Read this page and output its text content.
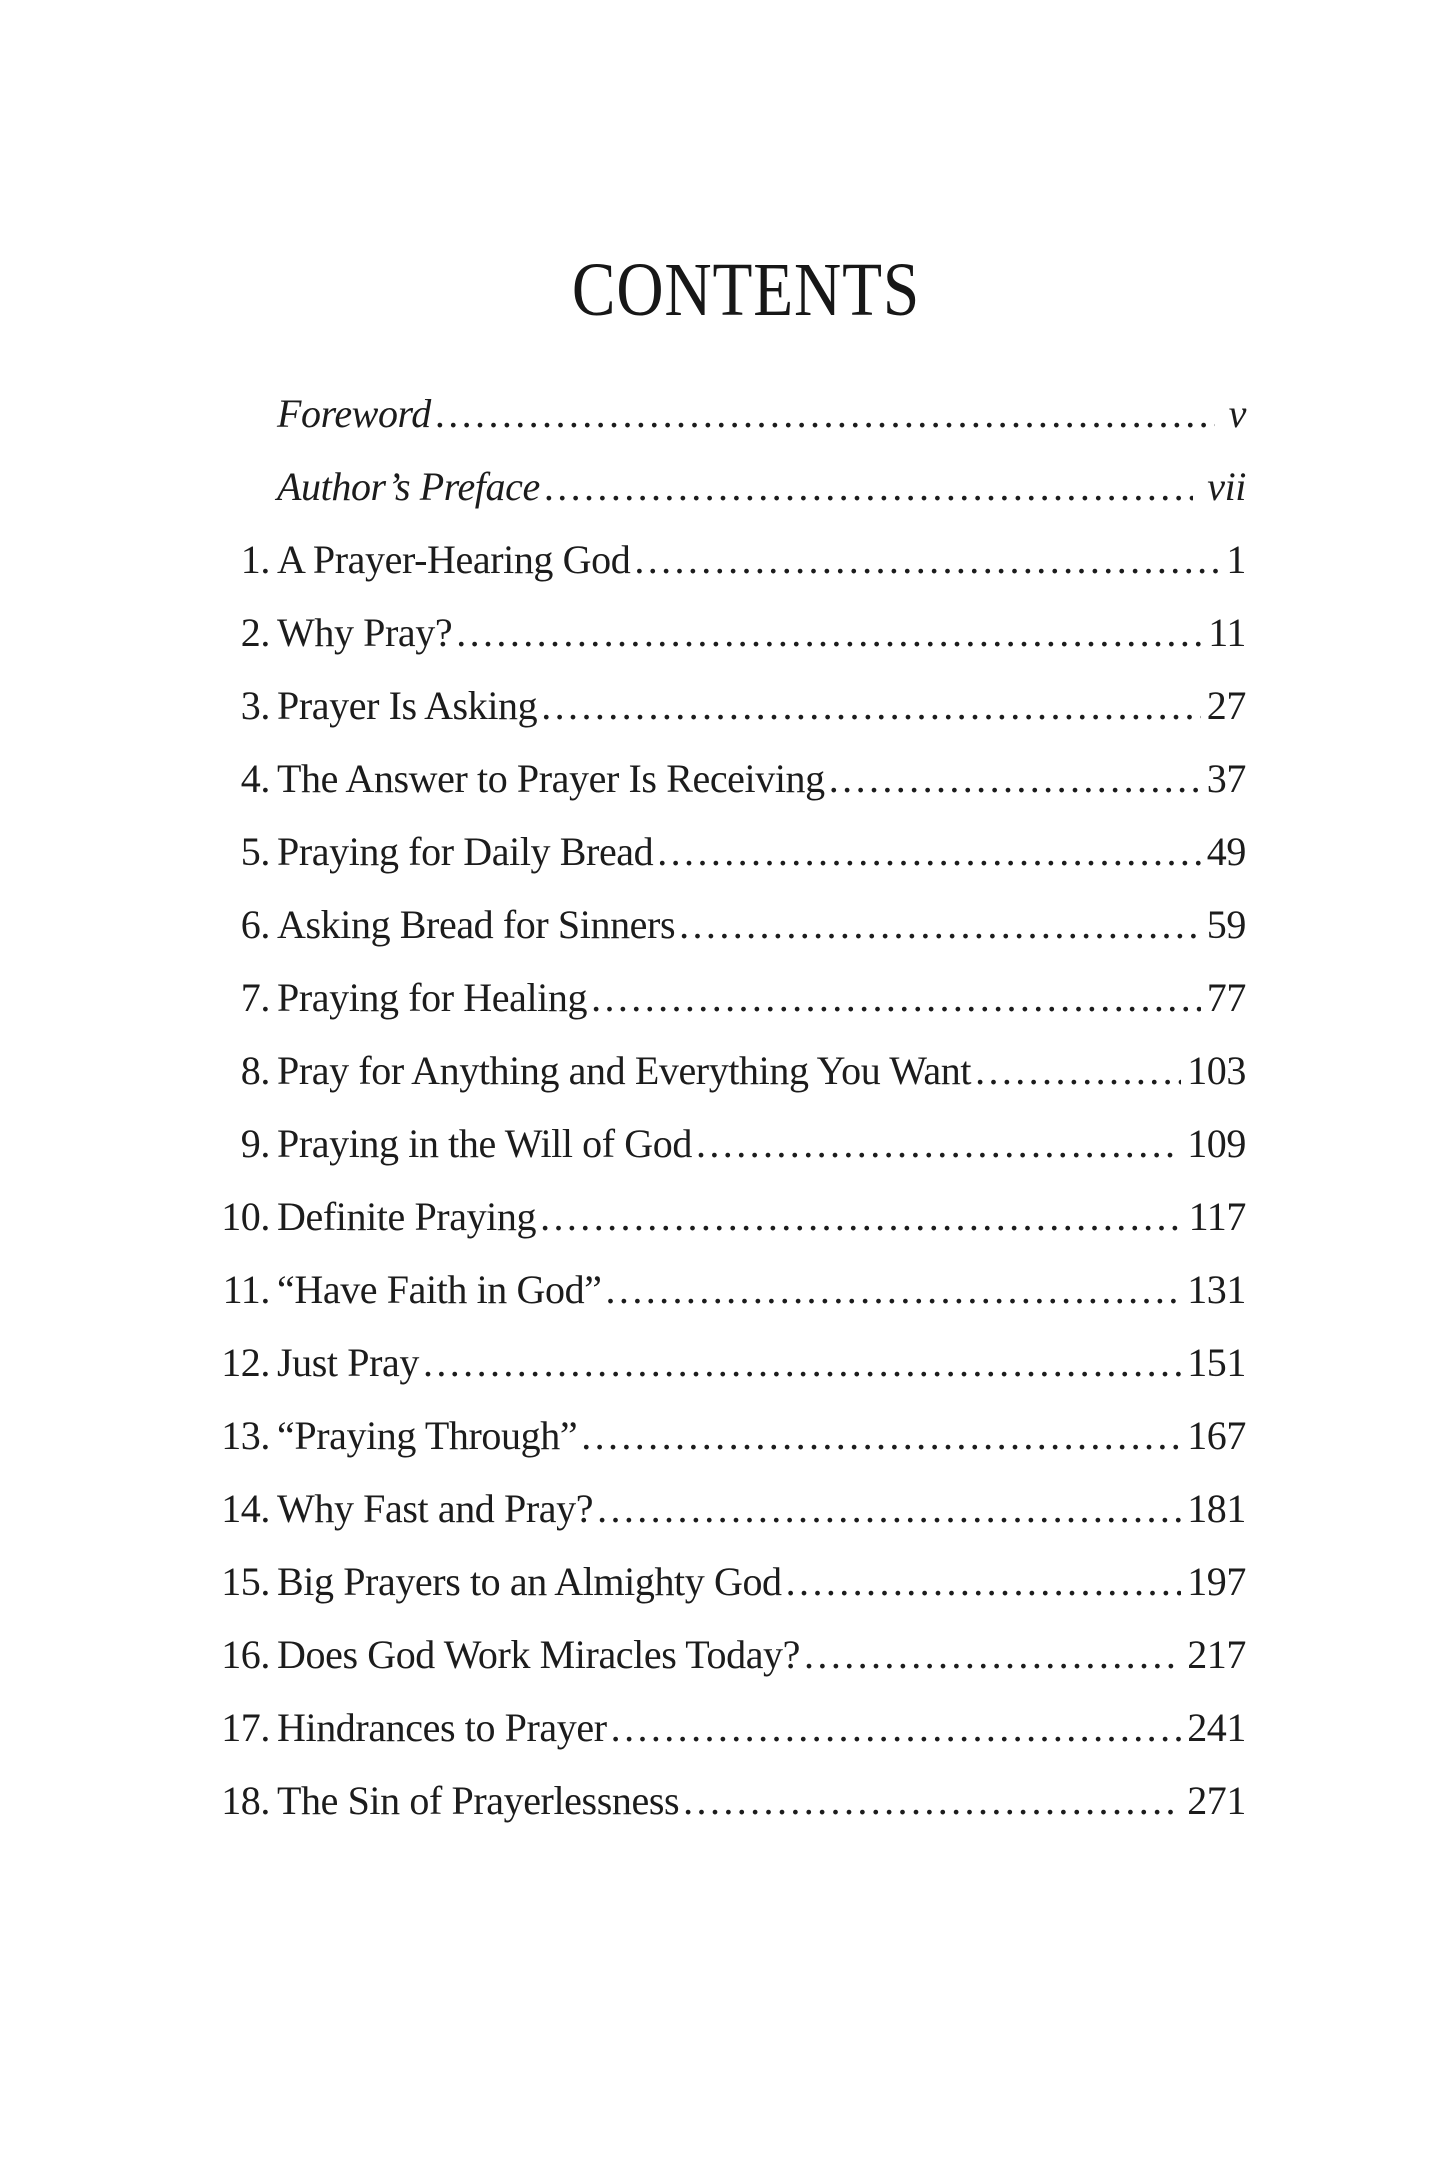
CONTENTS
Foreword .....	v
Author’s Preface .....	vii
1. A Prayer-Hearing God .....	1
2. Why Pray? .....	11
3. Prayer Is Asking .....	27
4. The Answer to Prayer Is Receiving .....	37
5. Praying for Daily Bread .....	49
6. Asking Bread for Sinners .....	59
7. Praying for Healing .....	77
8. Pray for Anything and Everything You Want .....	103
9. Praying in the Will of God .....	109
10. Definite Praying .....	117
11. “Have Faith in God” .....	131
12. Just Pray .....	151
13. “Praying Through” .....	167
14. Why Fast and Pray? .....	181
15. Big Prayers to an Almighty God .....	197
16. Does God Work Miracles Today? .....	217
17. Hindrances to Prayer .....	241
18. The Sin of Prayerlessness .....	271
